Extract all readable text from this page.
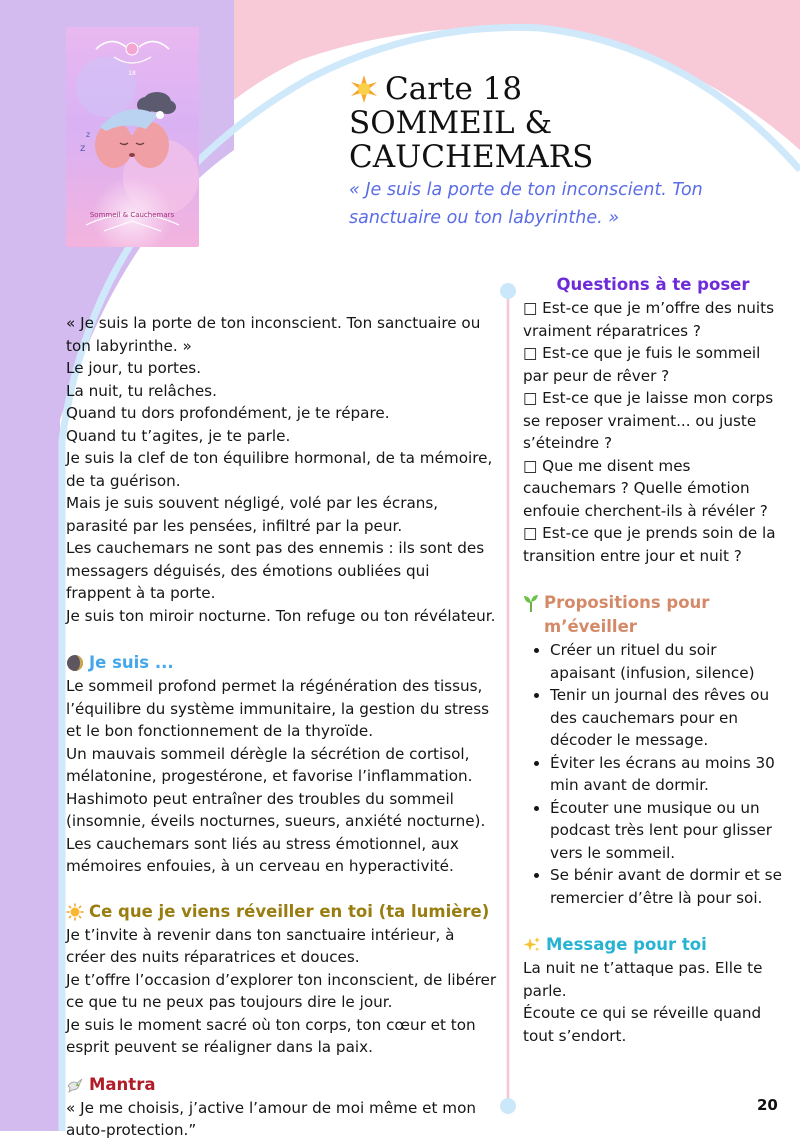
z
z
18
Sommeil & Cauchemars
Carte 18
SOMMEIL &
CAUCHEMARS
« Je suis la porte de ton inconscient. Ton sanctuaire ou ton labyrinthe. »

« Je suis la porte de ton inconscient. Ton sanctuaire ou ton labyrinthe. »

Le jour, tu portes.

La nuit, tu relâches.

Quand tu dors profondément, je te répare.

Quand tu t’agites, je te parle.

Je suis la clef de ton équilibre hormonal, de ta mémoire, de ta guérison.

Mais je suis souvent négligé, volé par les écrans, parasité par les pensées, infiltré par la peur.

Les cauchemars ne sont pas des ennemis : ils sont des messagers déguisés, des émotions oubliées qui frappent à ta porte.

Je suis ton miroir nocturne. Ton refuge ou ton révélateur.

Je suis ...

Le sommeil profond permet la régénération des tissus, l’équilibre du système immunitaire, la gestion du stress et le bon fonctionnement de la thyroïde.

Un mauvais sommeil dérègle la sécrétion de cortisol, mélatonine, progestérone, et favorise l’inflammation.

Hashimoto peut entraîner des troubles du sommeil (insomnie, éveils nocturnes, sueurs, anxiété nocturne).

Les cauchemars sont liés au stress émotionnel, aux mémoires enfouies, à un cerveau en hyperactivité.

Ce que je viens réveiller en toi (ta lumière)

Je t’invite à revenir dans ton sanctuaire intérieur, à créer des nuits réparatrices et douces.

Je t’offre l’occasion d’explorer ton inconscient, de libérer ce que tu ne peux pas toujours dire le jour.

Je suis le moment sacré où ton corps, ton cœur et ton esprit peuvent se réaligner dans la paix.

Mantra

« Je me choisis, j’active l’amour de moi même et mon auto-protection.”

Questions à te poser

□ Est-ce que je m’offre des nuits vraiment réparatrices ?

□ Est-ce que je fuis le sommeil par peur de rêver ?

□ Est-ce que je laisse mon corps se reposer vraiment... ou juste s’éteindre ?

□ Que me disent mes cauchemars ? Quelle émotion enfouie cherchent-ils à révéler ?

□ Est-ce que je prends soin de la transition entre jour et nuit ?

Propositions pour m’éveiller
• Créer un rituel du soir apaisant (infusion, silence)
• Tenir un journal des rêves ou des cauchemars pour en décoder le message.
• Éviter les écrans au moins 30 min avant de dormir.
• Écouter une musique ou un podcast très lent pour glisser vers le sommeil.
• Se bénir avant de dormir et se remercier d’être là pour soi.
Message pour toi

La nuit ne t’attaque pas. Elle te parle.

Écoute ce qui se réveille quand tout s’endort.

20
